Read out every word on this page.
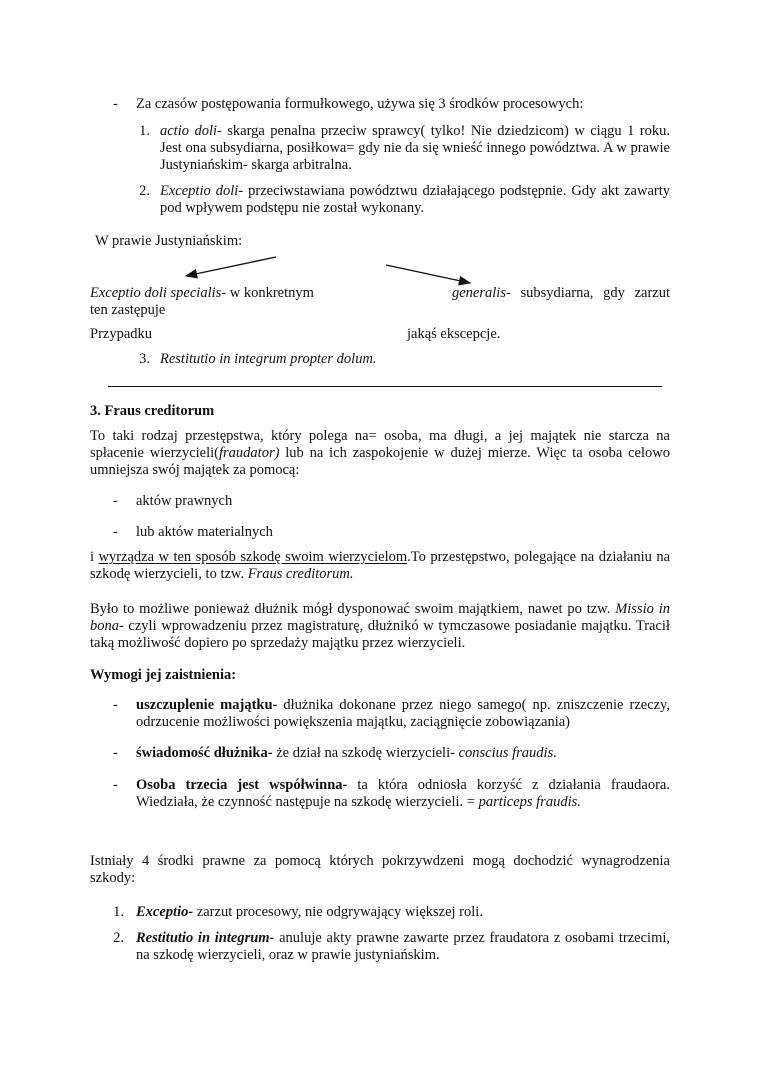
- Za czasów postępowania formułkowego, używa się 3 środków procesowych:
1. actio doli- skarga penalna przeciw sprawcy( tylko! Nie dziedzicom) w ciągu 1 roku. Jest ona subsydiarna, posiłkowa= gdy nie da się wnieść innego powództwa. A w prawie Justyniańskim- skarga arbitralna.
2. Exceptio doli- przeciwstawiana powództwu działającego podstępnie. Gdy akt zawarty pod wpływem podstępu nie został wykonany.
W prawie Justyniańskim:
Exceptio doli specialis- w konkretnym	generalis- subsydiarna, gdy zarzut
ten zastępuje
Przypadku	jakąś ekscepcje.
3. Restitutio in integrum propter dolum.
3. Fraus creditorum
To taki rodzaj przestępstwa, który polega na= osoba, ma długi, a jej majątek nie starcza na spłacenie wierzycieli(fraudator) lub na ich zaspokojenie w dużej mierze. Więc ta osoba celowo umniejsza swój majątek za pomocą:
- aktów prawnych
- lub aktów materialnych
i wyrządza w ten sposób szkodę swoim wierzycielom.To przestępstwo, polegające na działaniu na szkodę wierzycieli, to tzw. Fraus creditorum.
Było to możliwe ponieważ dłużnik mógł dysponować swoim majątkiem, nawet po tzw. Missio in bona- czyli wprowadzeniu przez magistraturę, dłużnikó w tymczasowe posiadanie majątku. Tracił taką możliwość dopiero po sprzedaży majątku przez wierzycieli.
Wymogi jej zaistnienia:
- uszczuplenie majątku- dłużnika dokonane przez niego samego( np. zniszczenie rzeczy, odrzucenie możliwości powiększenia majątku, zaciągnięcie zobowiązania)
- świadomość dłużnika- że dział na szkodę wierzycieli- conscius fraudis.
- Osoba trzecia jest współwinna- ta która odniosła korzyść z działania fraudaora. Wiedziała, że czynność następuje na szkodę wierzycieli. = particeps fraudis.
Istniały 4 środki prawne za pomocą których pokrzywdzeni mogą dochodzić wynagrodzenia szkody:
1. Exceptio- zarzut procesowy, nie odgrywający większej roli.
2. Restitutio in integrum- anuluje akty prawne zawarte przez fraudatora z osobami trzecimi, na szkodę wierzycieli, oraz w prawie justyniańskim.
